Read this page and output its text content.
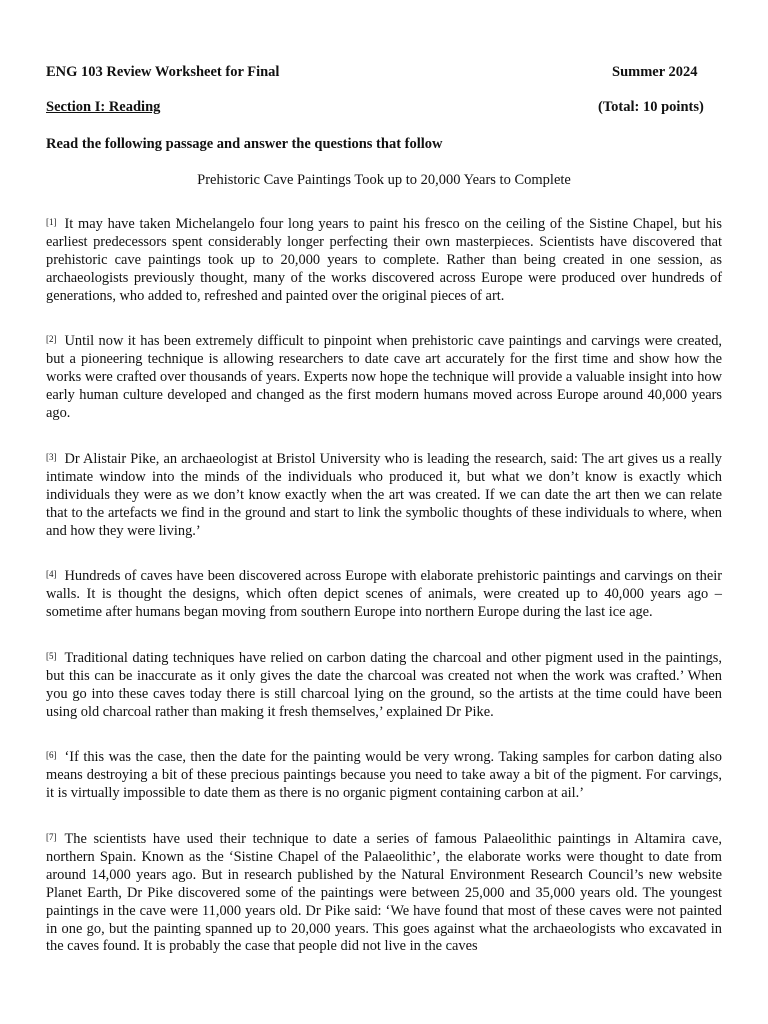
ENG 103 Review Worksheet for Final	Summer 2024
Section I: Reading	(Total: 10 points)
Read the following passage and answer the questions that follow
Prehistoric Cave Paintings Took up to 20,000 Years to Complete
[1] It may have taken Michelangelo four long years to paint his fresco on the ceiling of the Sistine Chapel, but his earliest predecessors spent considerably longer perfecting their own masterpieces. Scientists have discovered that prehistoric cave paintings took up to 20,000 years to complete. Rather than being created in one session, as archaeologists previously thought, many of the works discovered across Europe were produced over hundreds of generations, who added to, refreshed and painted over the original pieces of art.
[2] Until now it has been extremely difficult to pinpoint when prehistoric cave paintings and carvings were created, but a pioneering technique is allowing researchers to date cave art accurately for the first time and show how the works were crafted over thousands of years. Experts now hope the technique will provide a valuable insight into how early human culture developed and changed as the first modern humans moved across Europe around 40,000 years ago.
[3] Dr Alistair Pike, an archaeologist at Bristol University who is leading the research, said: The art gives us a really intimate window into the minds of the individuals who produced it, but what we don’t know is exactly which individuals they were as we don’t know exactly when the art was created. If we can date the art then we can relate that to the artefacts we find in the ground and start to link the symbolic thoughts of these individuals to where, when and how they were living.’
[4] Hundreds of caves have been discovered across Europe with elaborate prehistoric paintings and carvings on their walls. It is thought the designs, which often depict scenes of animals, were created up to 40,000 years ago – sometime after humans began moving from southern Europe into northern Europe during the last ice age.
[5] Traditional dating techniques have relied on carbon dating the charcoal and other pigment used in the paintings, but this can be inaccurate as it only gives the date the charcoal was created not when the work was crafted.’ When you go into these caves today there is still charcoal lying on the ground, so the artists at the time could have been using old charcoal rather than making it fresh themselves,’ explained Dr Pike.
[6] ‘If this was the case, then the date for the painting would be very wrong. Taking samples for carbon dating also means destroying a bit of these precious paintings because you need to take away a bit of the pigment. For carvings, it is virtually impossible to date them as there is no organic pigment containing carbon at ail.’
[7] The scientists have used their technique to date a series of famous Palaeolithic paintings in Altamira cave, northern Spain. Known as the ‘Sistine Chapel of the Palaeolithic’, the elaborate works were thought to date from around 14,000 years ago. But in research published by the Natural Environment Research Council’s new website Planet Earth, Dr Pike discovered some of the paintings were between 25,000 and 35,000 years old. The youngest paintings in the cave were 11,000 years old. Dr Pike said: ‘We have found that most of these caves were not painted in one go, but the painting spanned up to 20,000 years. This goes against what the archaeologists who excavated in the caves found. It is probably the case that people did not live in the caves
